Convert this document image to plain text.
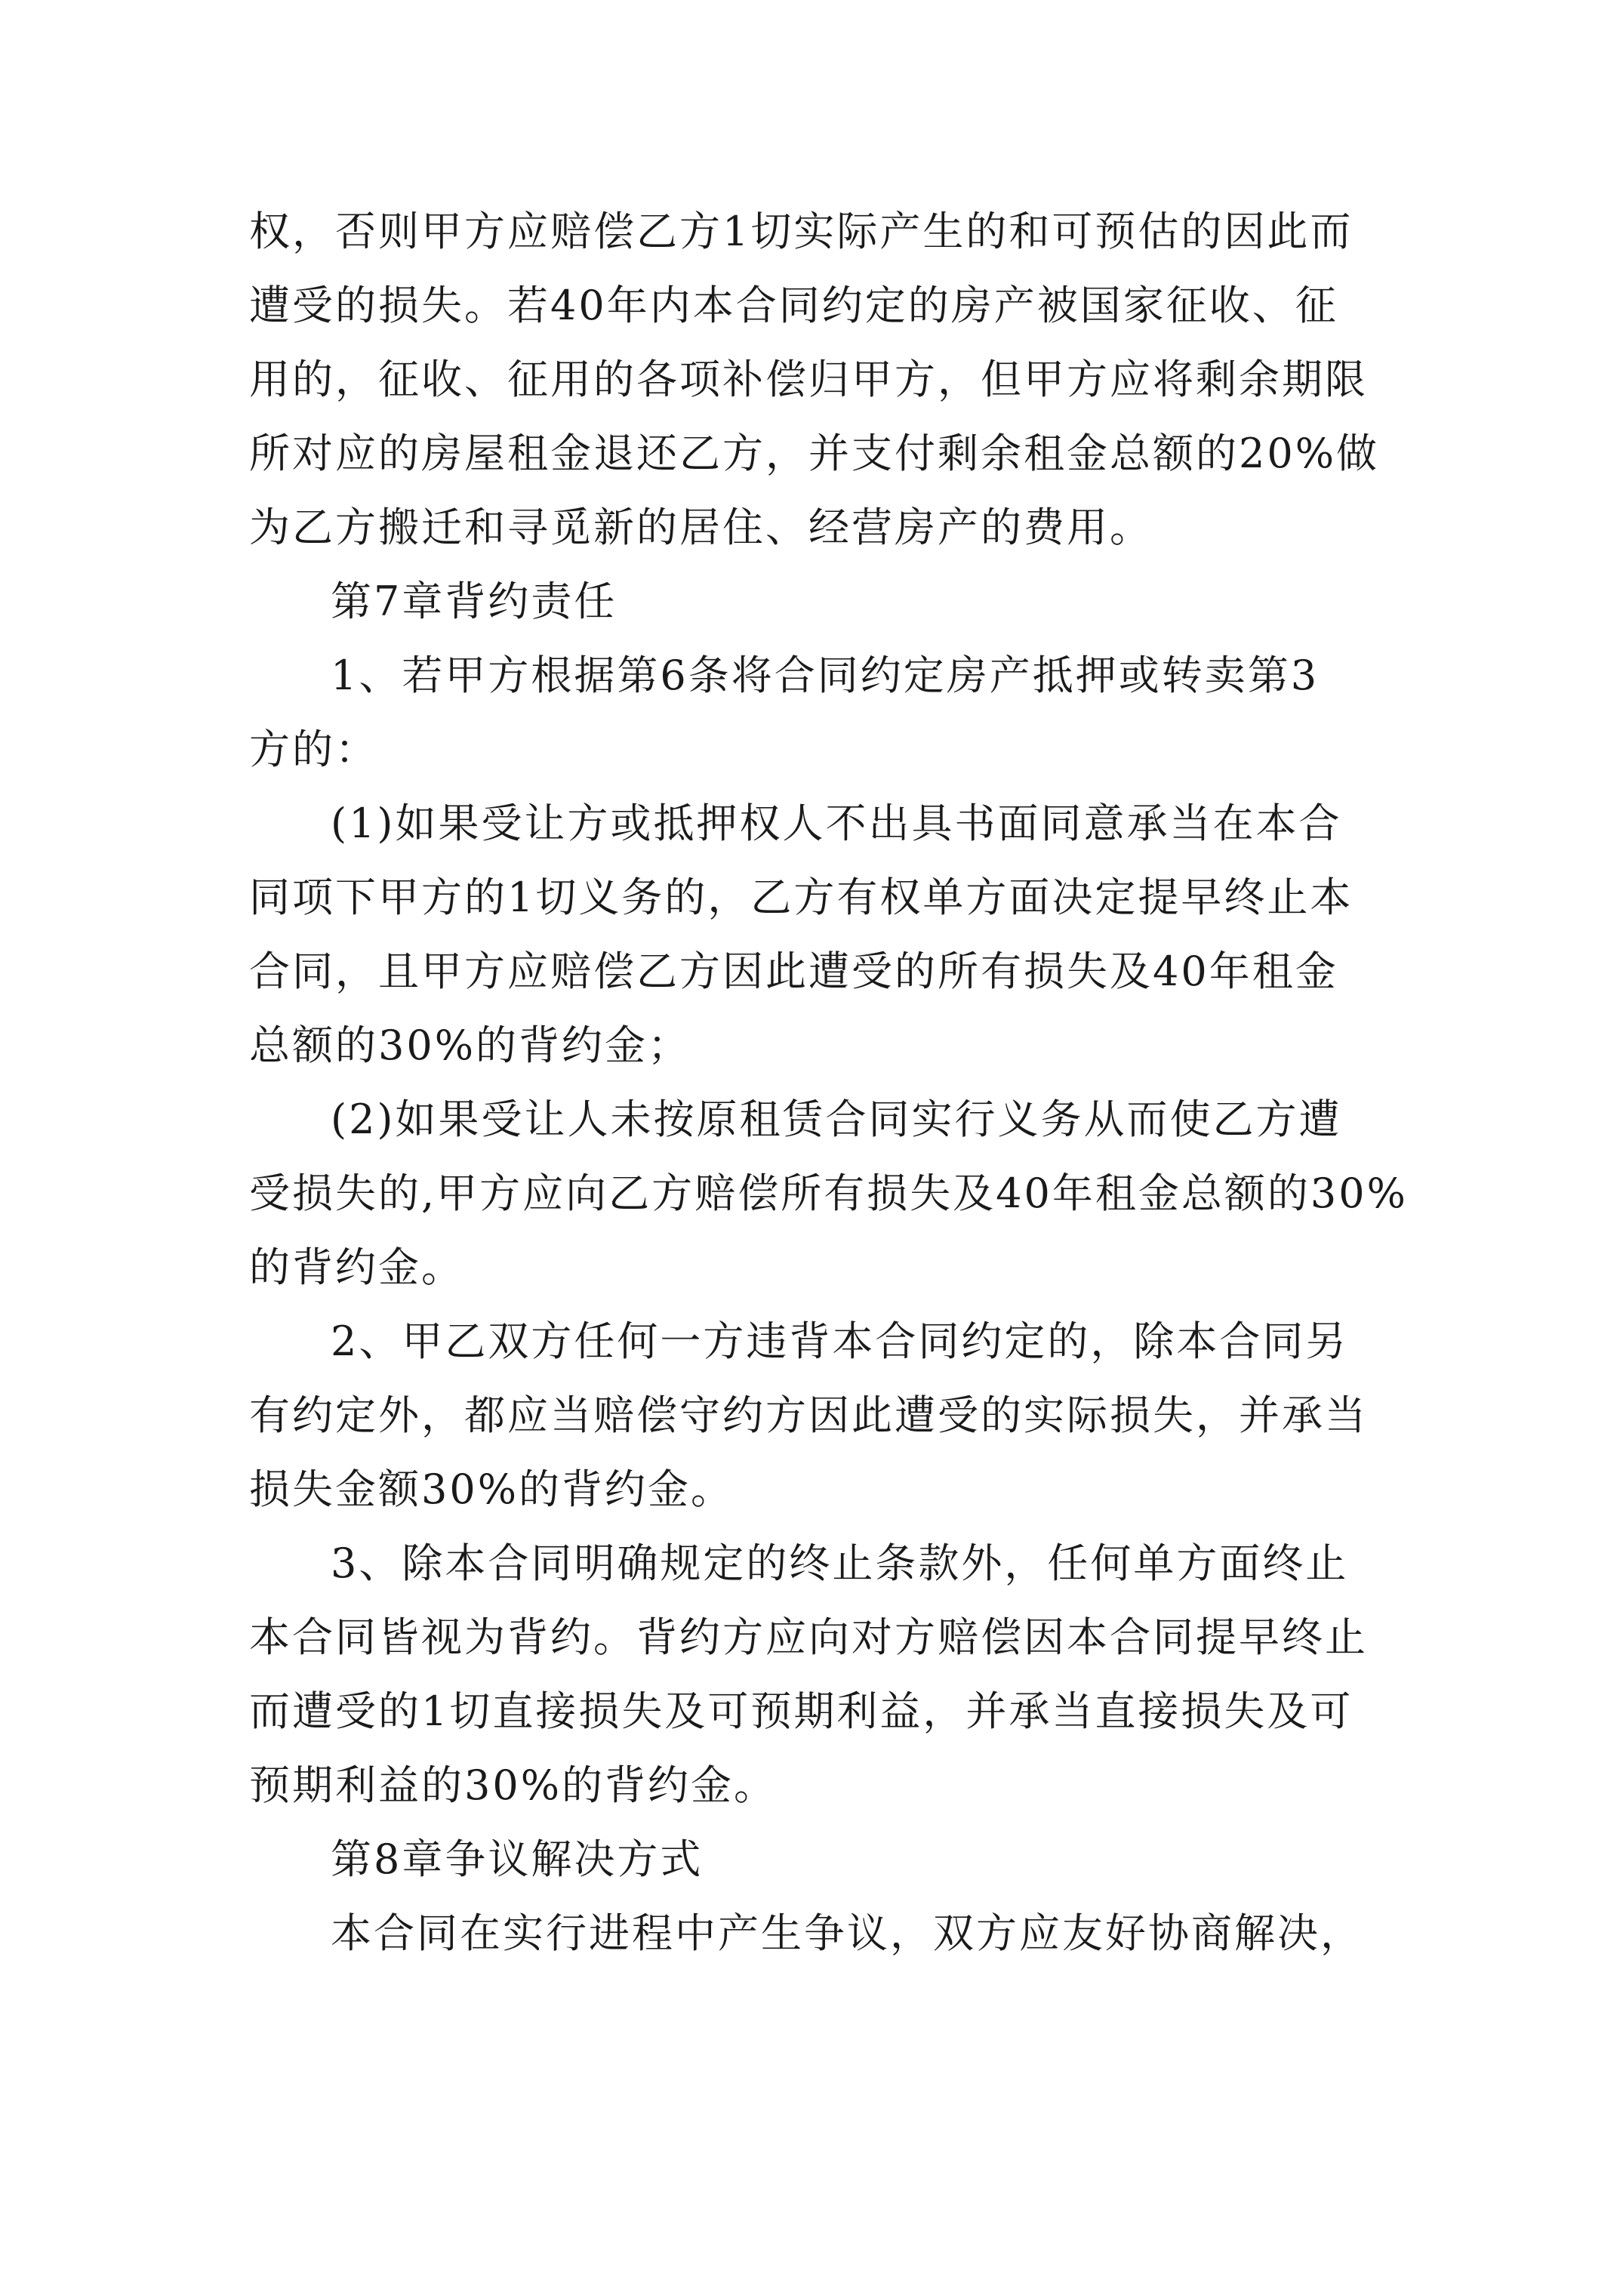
权，否则甲方应赔偿乙方1切实际产生的和可预估的因此而
遭受的损失。若40年内本合同约定的房产被国家征收、征
用的，征收、征用的各项补偿归甲方，但甲方应将剩余期限
所对应的房屋租金退还乙方，并支付剩余租金总额的20%做
为乙方搬迁和寻觅新的居住、经营房产的费用。
第7章背约责任
1、若甲方根据第6条将合同约定房产抵押或转卖第3
方的：
(1)如果受让方或抵押权人不出具书面同意承当在本合
同项下甲方的1切义务的，乙方有权单方面决定提早终止本
合同，且甲方应赔偿乙方因此遭受的所有损失及40年租金
总额的30%的背约金；
(2)如果受让人未按原租赁合同实行义务从而使乙方遭
受损失的,甲方应向乙方赔偿所有损失及40年租金总额的30%
的背约金。
2、甲乙双方任何一方违背本合同约定的，除本合同另
有约定外，都应当赔偿守约方因此遭受的实际损失，并承当
损失金额30%的背约金。
3、除本合同明确规定的终止条款外，任何单方面终止
本合同皆视为背约。背约方应向对方赔偿因本合同提早终止
而遭受的1切直接损失及可预期利益，并承当直接损失及可
预期利益的30%的背约金。
第8章争议解决方式
本合同在实行进程中产生争议，双方应友好协商解决，
